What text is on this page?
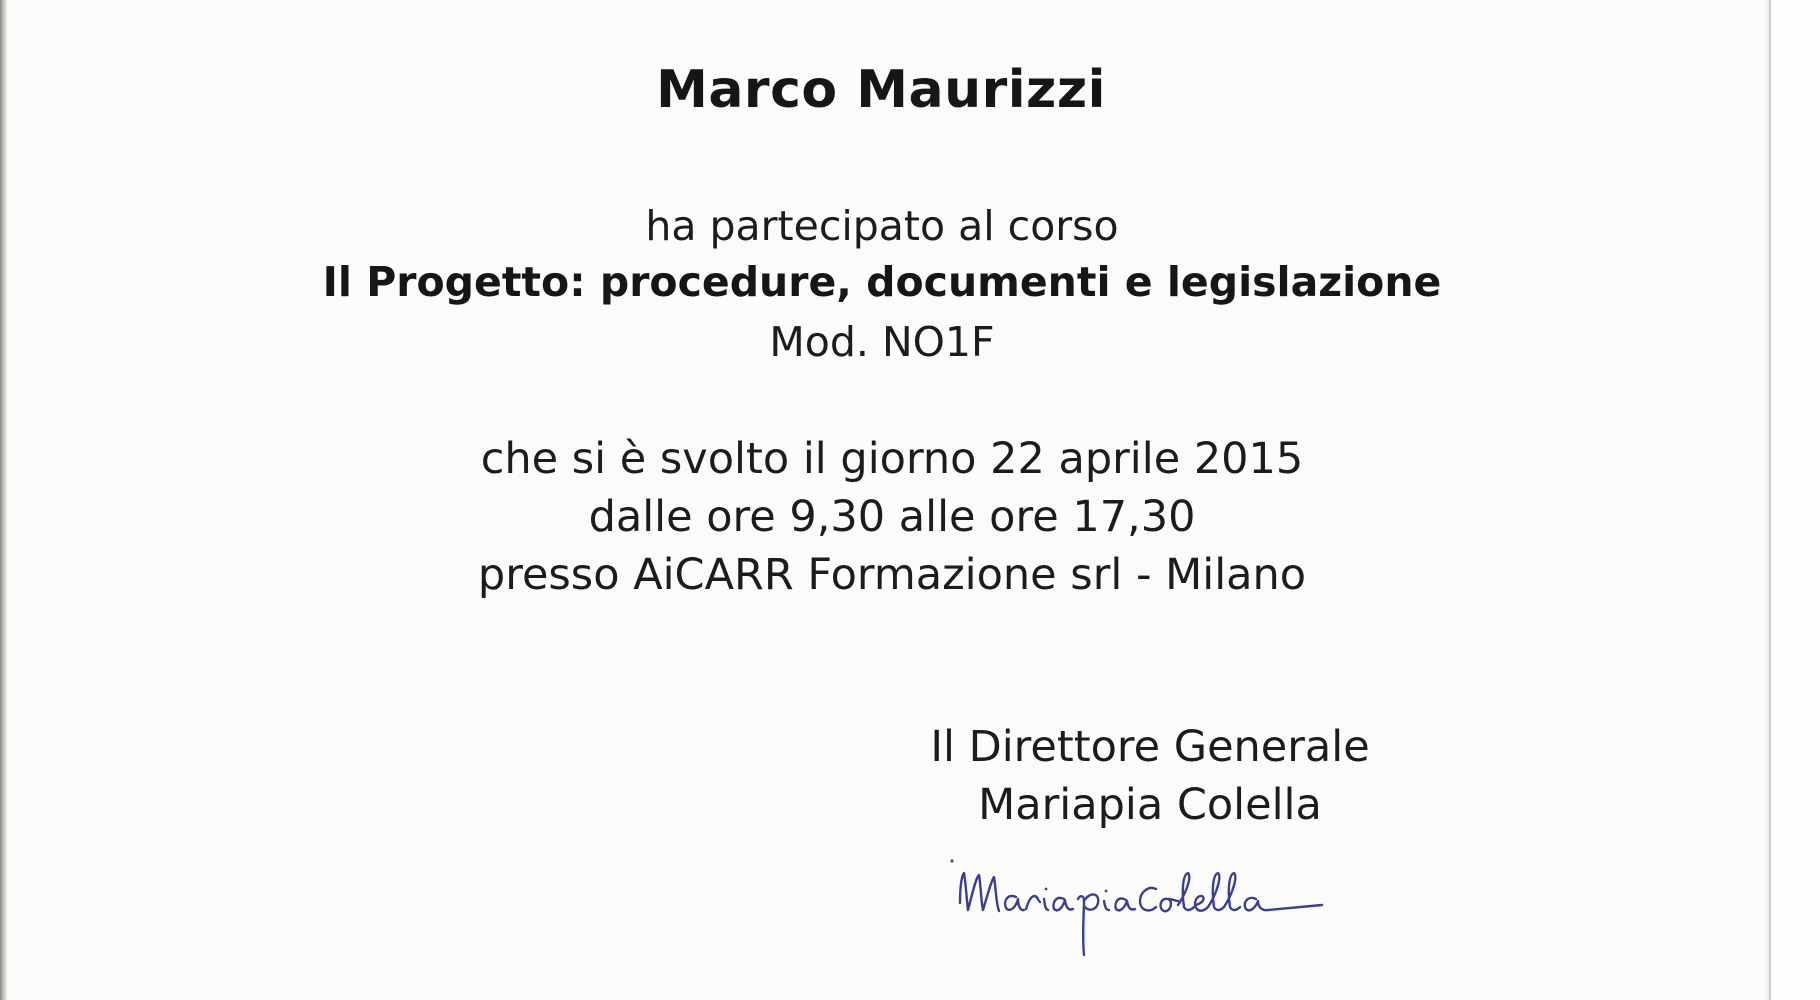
Marco Maurizzi
ha partecipato al corso
Il Progetto: procedure, documenti e legislazione
Mod. NO1F
che si è svolto il giorno 22 aprile 2015
dalle ore 9,30 alle ore 17,30
presso AiCARR Formazione srl - Milano
Il Direttore Generale
Mariapia Colella
